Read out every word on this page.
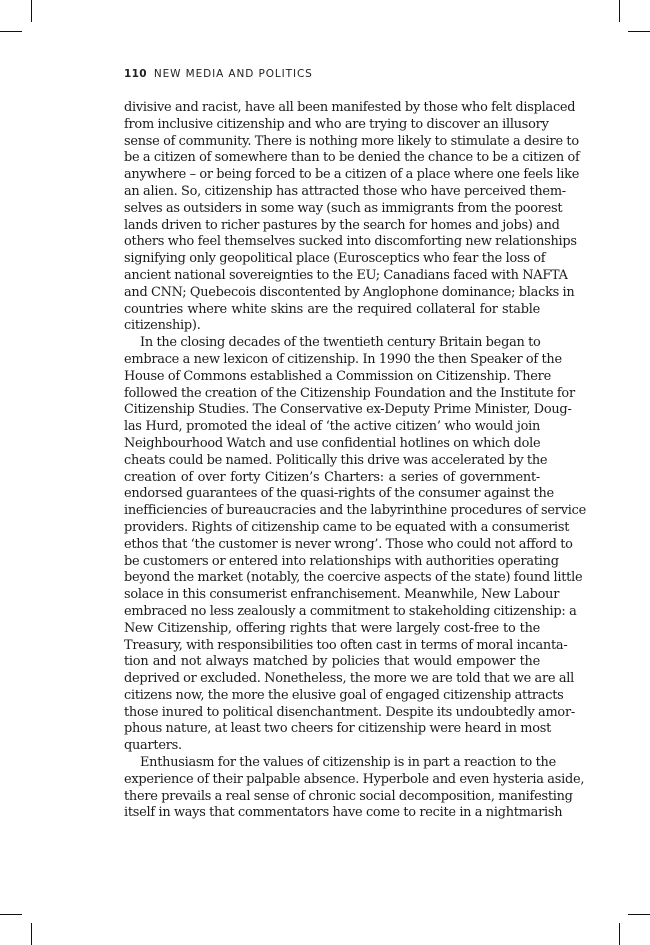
110 NEW MEDIA AND POLITICS
divisive and racist, have all been manifested by those who felt displaced
from inclusive citizenship and who are trying to discover an illusory
sense of community. There is nothing more likely to stimulate a desire to
be a citizen of somewhere than to be denied the chance to be a citizen of
anywhere – or being forced to be a citizen of a place where one feels like
an alien. So, citizenship has attracted those who have perceived them-
selves as outsiders in some way (such as immigrants from the poorest
lands driven to richer pastures by the search for homes and jobs) and
others who feel themselves sucked into discomforting new relationships
signifying only geopolitical place (Eurosceptics who fear the loss of
ancient national sovereignties to the EU; Canadians faced with NAFTA
and CNN; Quebecois discontented by Anglophone dominance; blacks in
countries where white skins are the required collateral for stable
citizenship).
In the closing decades of the twentieth century Britain began to
embrace a new lexicon of citizenship. In 1990 the then Speaker of the
House of Commons established a Commission on Citizenship. There
followed the creation of the Citizenship Foundation and the Institute for
Citizenship Studies. The Conservative ex-Deputy Prime Minister, Doug-
las Hurd, promoted the ideal of ‘the active citizen’ who would join
Neighbourhood Watch and use confidential hotlines on which dole
cheats could be named. Politically this drive was accelerated by the
creation of over forty Citizen’s Charters: a series of government-
endorsed guarantees of the quasi-rights of the consumer against the
inefficiencies of bureaucracies and the labyrinthine procedures of service
providers. Rights of citizenship came to be equated with a consumerist
ethos that ‘the customer is never wrong’. Those who could not afford to
be customers or entered into relationships with authorities operating
beyond the market (notably, the coercive aspects of the state) found little
solace in this consumerist enfranchisement. Meanwhile, New Labour
embraced no less zealously a commitment to stakeholding citizenship: a
New Citizenship, offering rights that were largely cost-free to the
Treasury, with responsibilities too often cast in terms of moral incanta-
tion and not always matched by policies that would empower the
deprived or excluded. Nonetheless, the more we are told that we are all
citizens now, the more the elusive goal of engaged citizenship attracts
those inured to political disenchantment. Despite its undoubtedly amor-
phous nature, at least two cheers for citizenship were heard in most
quarters.
Enthusiasm for the values of citizenship is in part a reaction to the
experience of their palpable absence. Hyperbole and even hysteria aside,
there prevails a real sense of chronic social decomposition, manifesting
itself in ways that commentators have come to recite in a nightmarish
